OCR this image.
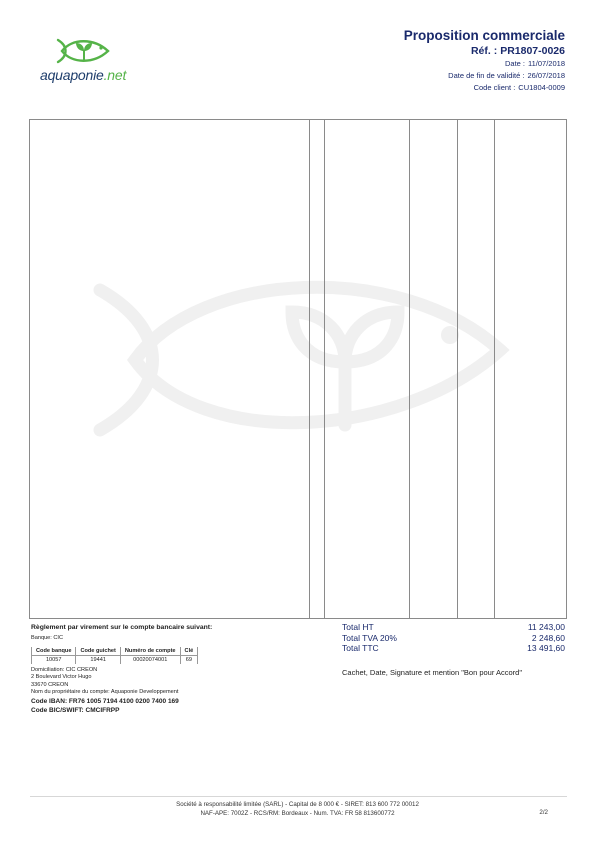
aquaponie.net
Proposition commerciale
Réf. : PR1807-0026
Date : 11/07/2018
Date de fin de validité : 26/07/2018
Code client : CU1804-0009
Règlement par virement sur le compte bancaire suivant:
Banque: CIC
Code banque	Code guichet	Numéro de compte	Clé
10057	19441	00020074001	69
Domiciliation: CIC CREON
2 Boulevard Victor Hugo
33670 CREON
Nom du propriétaire du compte: Aquaponie Developpement
Code IBAN: FR76 1005 7194 4100 0200 7400 169
Code BIC/SWIFT: CMCIFRPP
Total HT	11 243,00
Total TVA 20%	2 248,60
Total TTC	13 491,60
Cachet, Date, Signature et mention "Bon pour Accord"
Société à responsabilité limitée (SARL) - Capital de 8 000 € - SIRET: 813 600 772 00012
NAF-APE: 7002Z - RCS/RM: Bordeaux - Num. TVA: FR 58 813600772	2/2
